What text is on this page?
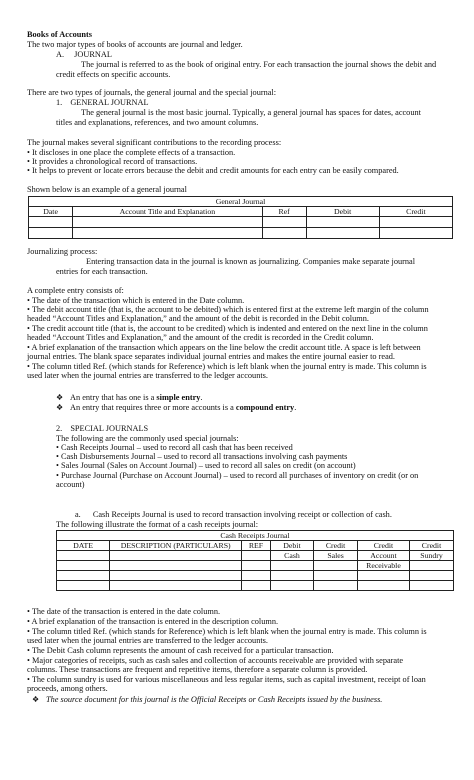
Books of Accounts
The two major types of books of accounts are journal and ledger.
A. JOURNAL
The journal is referred to as the book of original entry. For each transaction the journal shows the debit and
credit effects on specific accounts.
There are two types of journals, the general journal and the special journal:
1. GENERAL JOURNAL
The general journal is the most basic journal. Typically, a general journal has spaces for dates, account
titles and explanations, references, and two amount columns.
The journal makes several significant contributions to the recording process:
• It discloses in one place the complete effects of a transaction.
• It provides a chronological record of transactions.
• It helps to prevent or locate errors because the debit and credit amounts for each entry can be easily compared.
Shown below is an example of a general journal
General Journal				
Date	Account Title and Explanation	Ref	Debit	Credit

Journalizing process:
Entering transaction data in the journal is known as journalizing. Companies make separate journal
entries for each transaction.
A complete entry consists of:
• The date of the transaction which is entered in the Date column.
• The debit account title (that is, the account to be debited) which is entered first at the extreme left margin of the column
headed “Account Titles and Explanation,” and the amount of the debit is recorded in the Debit column.
• The credit account title (that is, the account to be credited) which is indented and entered on the next line in the column
headed “Account Titles and Explanation,” and the amount of the credit is recorded in the Credit column.
• A brief explanation of the transaction which appears on the line below the credit account title. A space is left between
journal entries. The blank space separates individual journal entries and makes the entire journal easier to read.
• The column titled Ref. (which stands for Reference) which is left blank when the journal entry is made. This column is
used later when the journal entries are transferred to the ledger accounts.
❖ An entry that has one is a simple entry.
❖ An entry that requires three or more accounts is a compound entry.
2. SPECIAL JOURNALS
The following are the commonly used special journals:
• Cash Receipts Journal – used to record all cash that has been received
• Cash Disbursements Journal – used to record all transactions involving cash payments
• Sales Journal (Sales on Account Journal) – used to record all sales on credit (on account)
• Purchase Journal (Purchase on Account Journal) – used to record all purchases of inventory on credit (or on
account)
a. Cash Receipts Journal is used to record transaction involving receipt or collection of cash.
The following illustrate the format of a cash receipts journal:
Cash Receipts Journal						
DATE	DESCRIPTION (PARTICULARS)	REF	Debit	Credit	Credit	Credit
			Cash	Sales	Account	Sundry
					Receivable	

• The date of the transaction is entered in the date column.
• A brief explanation of the transaction is entered in the description column.
• The column titled Ref. (which stands for Reference) which is left blank when the journal entry is made. This column is
used later when the journal entries are transferred to the ledger accounts.
• The Debit Cash column represents the amount of cash received for a particular transaction.
• Major categories of receipts, such as cash sales and collection of accounts receivable are provided with separate
columns. These transactions are frequent and repetitive items, therefore a separate column is provided.
• The column sundry is used for various miscellaneous and less regular items, such as capital investment, receipt of loan
proceeds, among others.
❖ The source document for this journal is the Official Receipts or Cash Receipts issued by the business.
